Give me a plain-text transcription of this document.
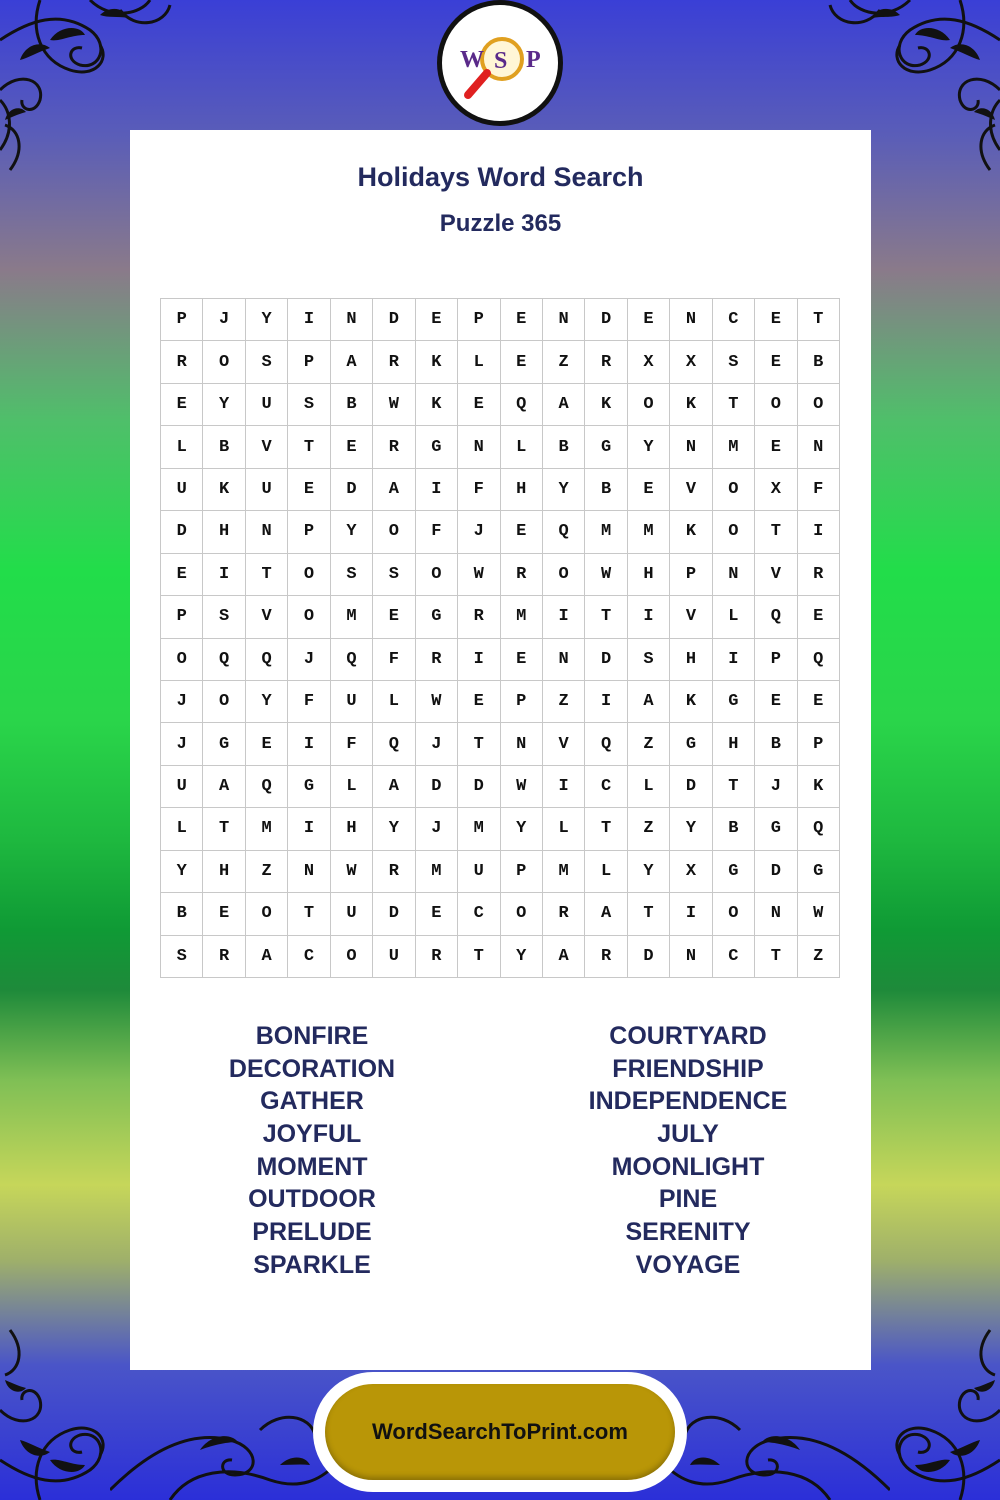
W S P
Holidays Word Search
Puzzle 365
P	J	Y	I	N	D	E	P	E	N	D	E	N	C	E	T
R	O	S	P	A	R	K	L	E	Z	R	X	X	S	E	B
E	Y	U	S	B	W	K	E	Q	A	K	O	K	T	O	O
L	B	V	T	E	R	G	N	L	B	G	Y	N	M	E	N
U	K	U	E	D	A	I	F	H	Y	B	E	V	O	X	F
D	H	N	P	Y	O	F	J	E	Q	M	M	K	O	T	I
E	I	T	O	S	S	O	W	R	O	W	H	P	N	V	R
P	S	V	O	M	E	G	R	M	I	T	I	V	L	Q	E
O	Q	Q	J	Q	F	R	I	E	N	D	S	H	I	P	Q
J	O	Y	F	U	L	W	E	P	Z	I	A	K	G	E	E
J	G	E	I	F	Q	J	T	N	V	Q	Z	G	H	B	P
U	A	Q	G	L	A	D	D	W	I	C	L	D	T	J	K
L	T	M	I	H	Y	J	M	Y	L	T	Z	Y	B	G	Q
Y	H	Z	N	W	R	M	U	P	M	L	Y	X	G	D	G
B	E	O	T	U	D	E	C	O	R	A	T	I	O	N	W
S	R	A	C	O	U	R	T	Y	A	R	D	N	C	T	Z
BONFIRE
DECORATION
GATHER
JOYFUL
MOMENT
OUTDOOR
PRELUDE
SPARKLE
COURTYARD
FRIENDSHIP
INDEPENDENCE
JULY
MOONLIGHT
PINE
SERENITY
VOYAGE
WordSearchToPrint.com
